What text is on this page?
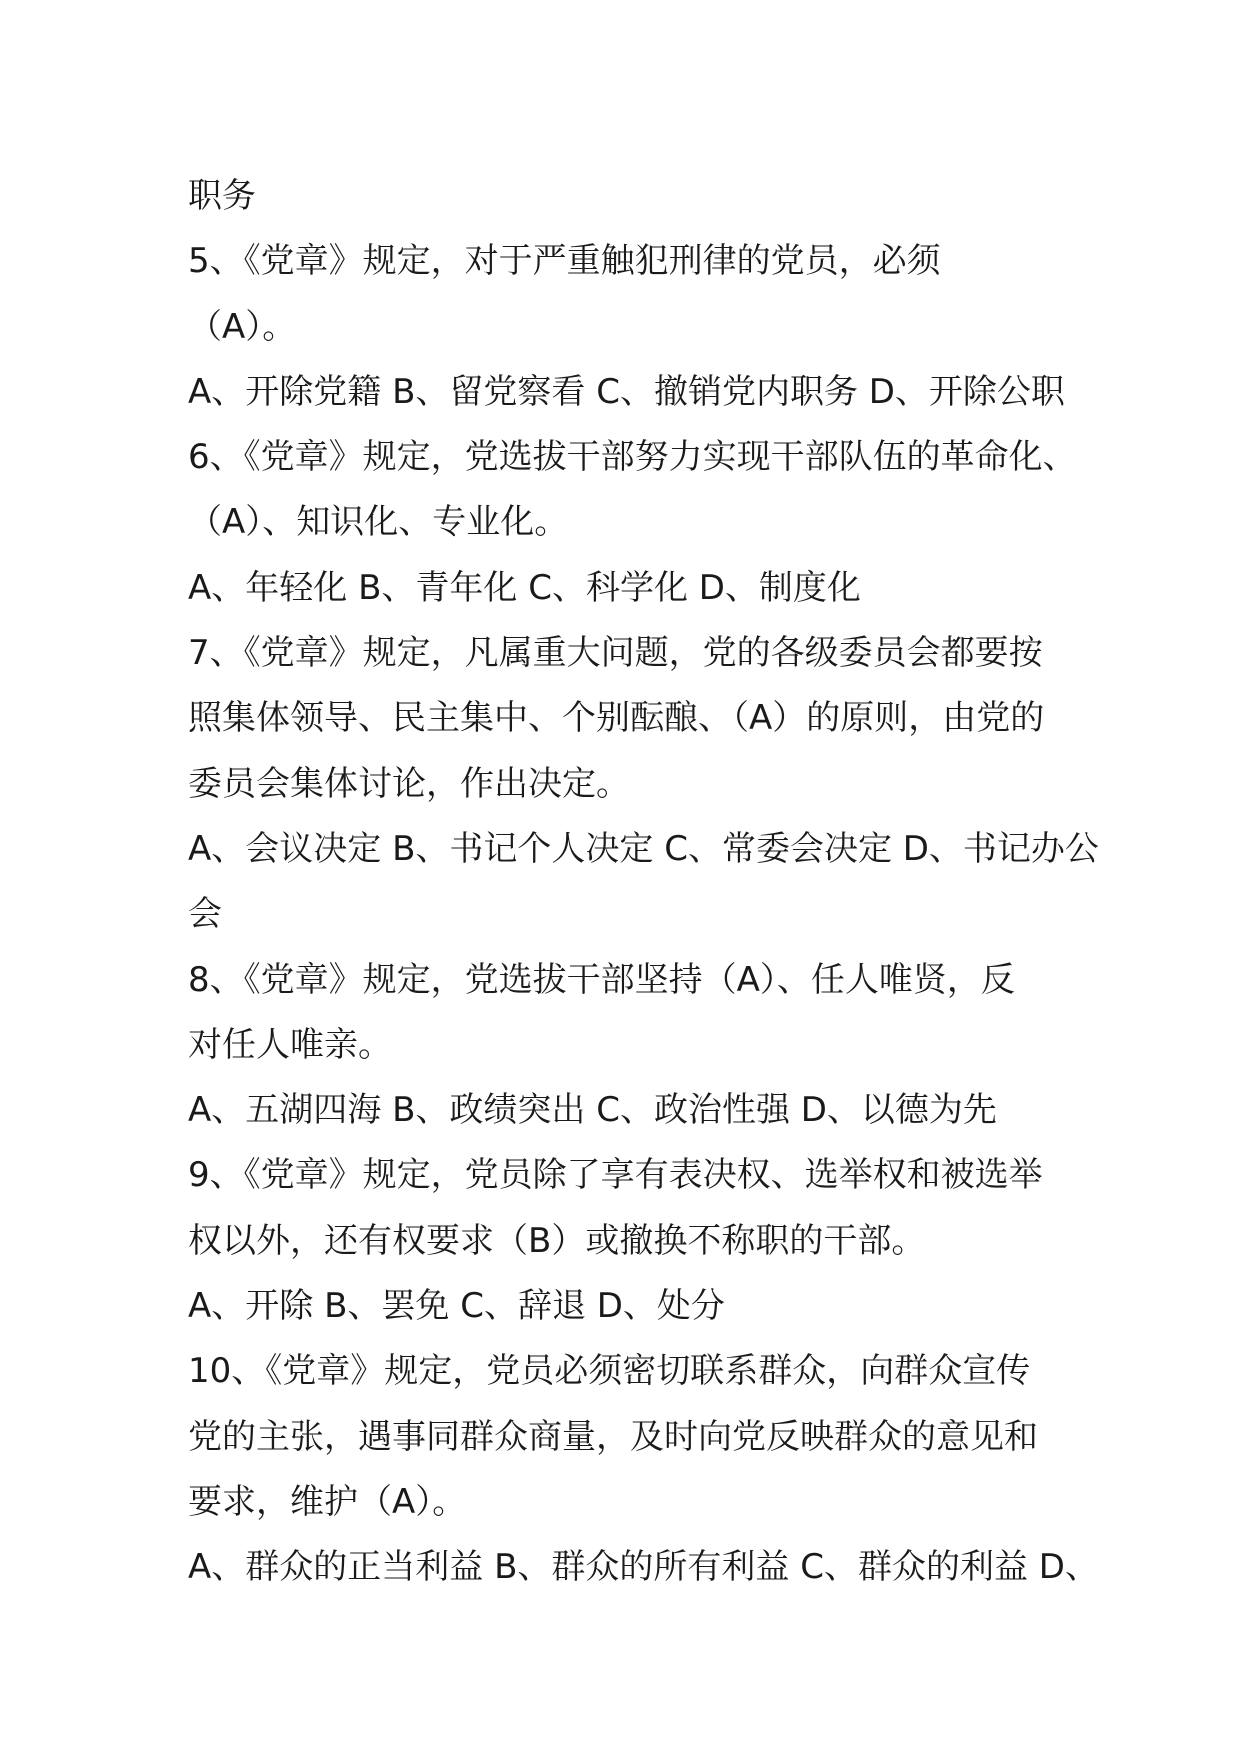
职务
5、《党章》规定，对于严重触犯刑律的党员，必须
（A）。
A、开除党籍 B、留党察看 C、撤销党内职务 D、开除公职
6、《党章》规定，党选拔干部努力实现干部队伍的革命化、
（A）、知识化、专业化。
A、年轻化 B、青年化 C、科学化 D、制度化
7、《党章》规定，凡属重大问题，党的各级委员会都要按
照集体领导、民主集中、个别酝酿、（A）的原则，由党的
委员会集体讨论，作出决定。
A、会议决定 B、书记个人决定 C、常委会决定 D、书记办公
会
8、《党章》规定，党选拔干部坚持（A）、任人唯贤，反
对任人唯亲。
A、五湖四海 B、政绩突出 C、政治性强 D、以德为先
9、《党章》规定，党员除了享有表决权、选举权和被选举
权以外，还有权要求（B）或撤换不称职的干部。
A、开除 B、罢免 C、辞退 D、处分
10、《党章》规定，党员必须密切联系群众，向群众宣传
党的主张，遇事同群众商量，及时向党反映群众的意见和
要求，维护（A）。
A、群众的正当利益 B、群众的所有利益 C、群众的利益 D、
